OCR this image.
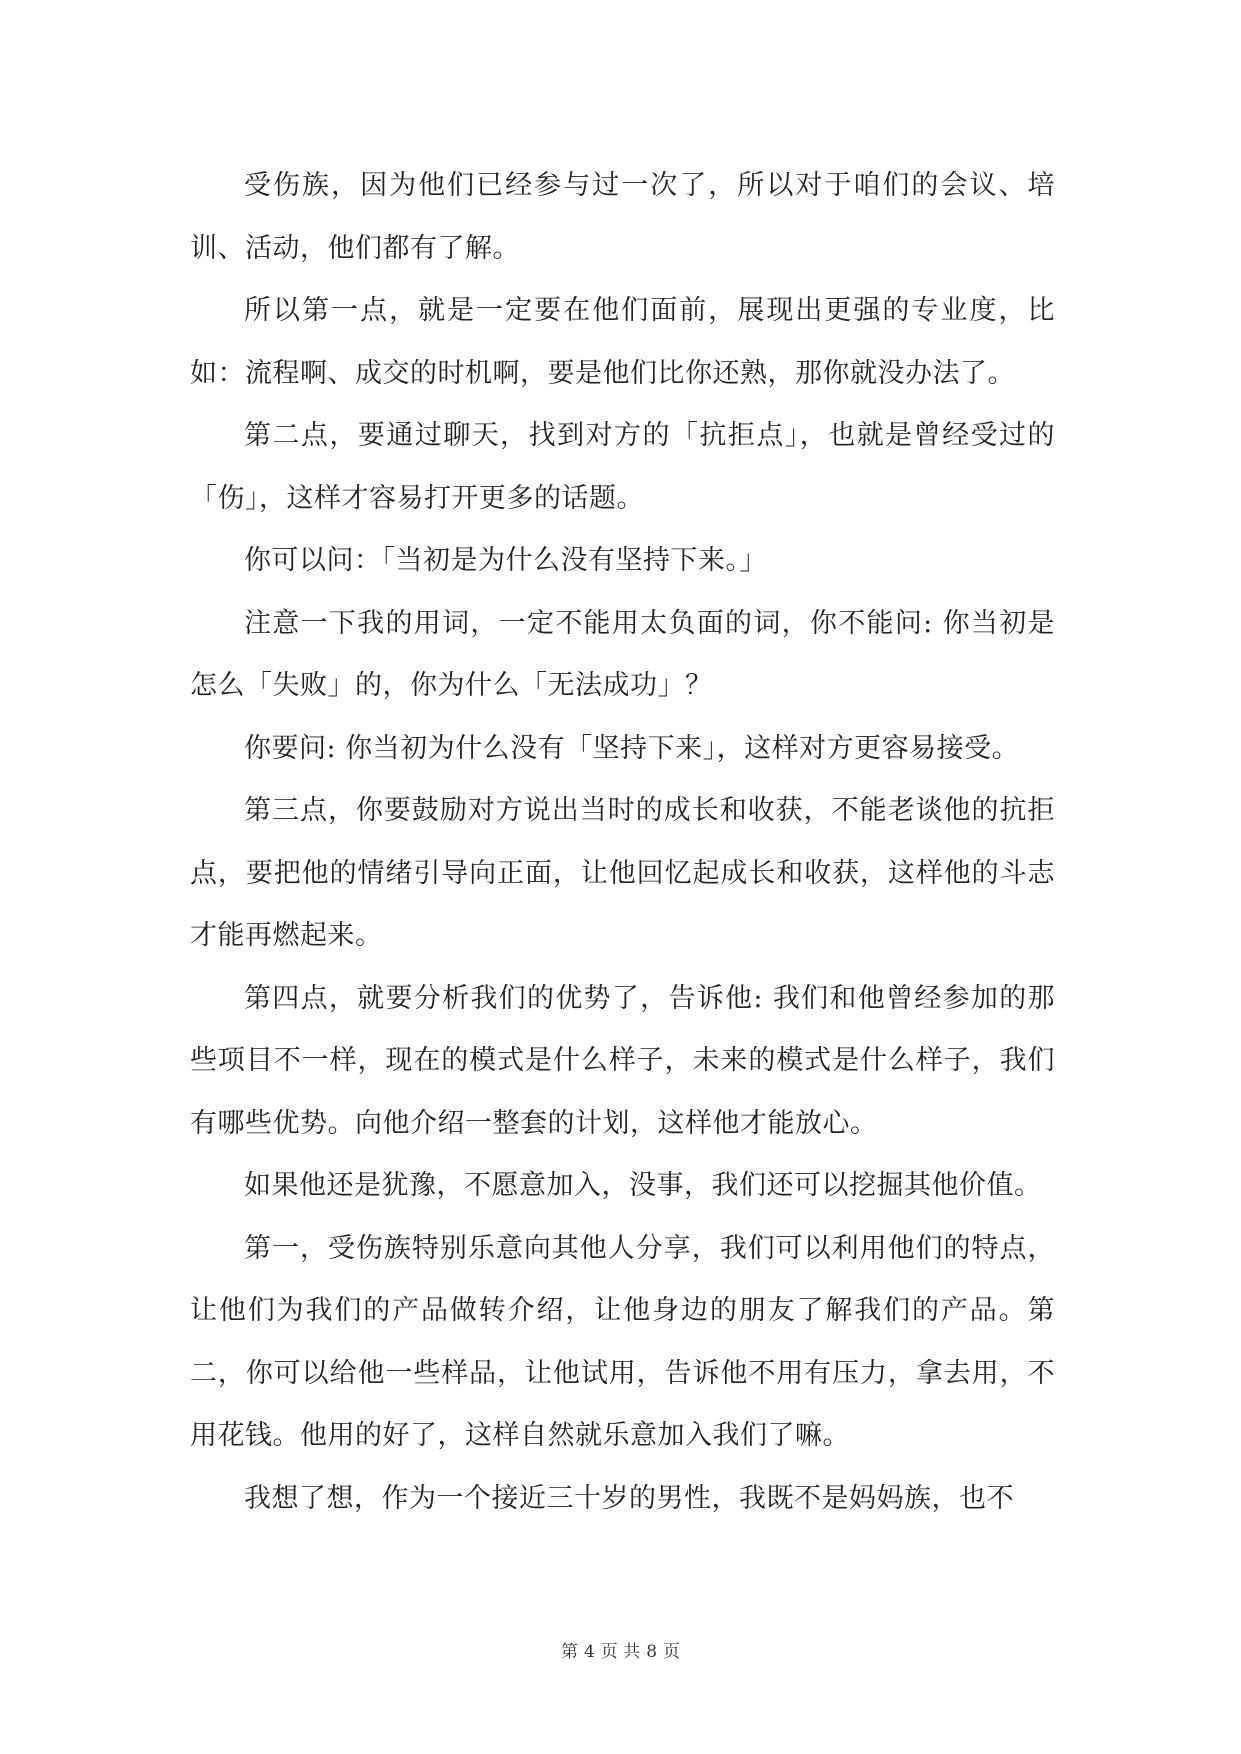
受伤族，因为他们已经参与过一次了，所以对于咱们的会议、培训、活动，他们都有了解。

所以第一点，就是一定要在他们面前，展现出更强的专业度，比如：流程啊、成交的时机啊，要是他们比你还熟，那你就没办法了。

第二点，要通过聊天，找到对方的「抗拒点」，也就是曾经受过的「伤」，这样才容易打开更多的话题。

你可以问：「当初是为什么没有坚持下来。」

注意一下我的用词，一定不能用太负面的词，你不能问: 你当初是怎么「失败」的，你为什么「无法成功」？

你要问: 你当初为什么没有「坚持下来」，这样对方更容易接受。

第三点，你要鼓励对方说出当时的成长和收获，不能老谈他的抗拒点，要把他的情绪引导向正面，让他回忆起成长和收获，这样他的斗志才能再燃起来。

第四点，就要分析我们的优势了，告诉他: 我们和他曾经参加的那些项目不一样，现在的模式是什么样子，未来的模式是什么样子，我们有哪些优势。向他介绍一整套的计划，这样他才能放心。

如果他还是犹豫，不愿意加入，没事，我们还可以挖掘其他价值。

第一，受伤族特别乐意向其他人分享，我们可以利用他们的特点，让他们为我们的产品做转介绍，让他身边的朋友了解我们的产品。第二，你可以给他一些样品，让他试用，告诉他不用有压力，拿去用，不用花钱。他用的好了，这样自然就乐意加入我们了嘛。

我想了想，作为一个接近三十岁的男性，我既不是妈妈族，也不

第 4 页 共 8 页
